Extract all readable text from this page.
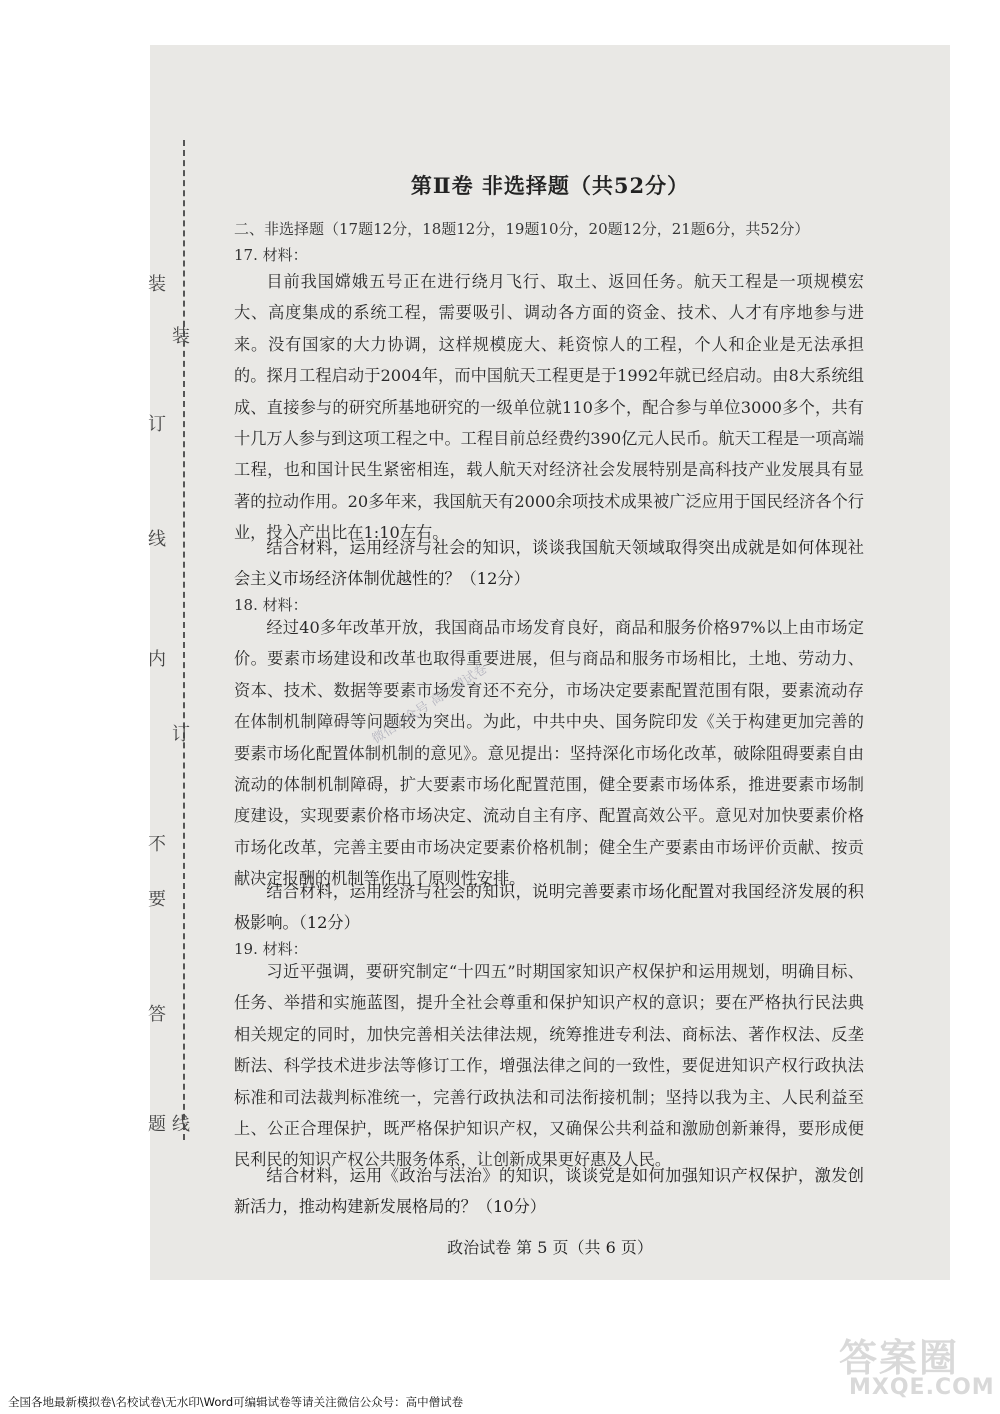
装
订
线
内
不
要
答
题
装
订
线
第Ⅱ卷 非选择题（共52分）
二、非选择题（17题12分，18题12分，19题10分，20题12分，21题6分，共52分）
17. 材料：
目前我国嫦娥五号正在进行绕月飞行、取土、返回任务。航天工程是一项规模宏大、高度集成的系统工程，需要吸引、调动各方面的资金、技术、人才有序地参与进来。没有国家的大力协调，这样规模庞大、耗资惊人的工程，个人和企业是无法承担的。探月工程启动于2004年，而中国航天工程更是于1992年就已经启动。由8大系统组成、直接参与的研究所基地研究的一级单位就110多个，配合参与单位3000多个，共有十几万人参与到这项工程之中。工程目前总经费约390亿元人民币。航天工程是一项高端工程，也和国计民生紧密相连，载人航天对经济社会发展特别是高科技产业发展具有显著的拉动作用。20多年来，我国航天有2000余项技术成果被广泛应用于国民经济各个行业，投入产出比在1:10左右。
结合材料，运用经济与社会的知识，谈谈我国航天领域取得突出成就是如何体现社会主义市场经济体制优越性的？（12分）
18. 材料：
经过40多年改革开放，我国商品市场发育良好，商品和服务价格97%以上由市场定价。要素市场建设和改革也取得重要进展，但与商品和服务市场相比，土地、劳动力、资本、技术、数据等要素市场发育还不充分，市场决定要素配置范围有限，要素流动存在体制机制障碍等问题较为突出。为此，中共中央、国务院印发《关于构建更加完善的要素市场化配置体制机制的意见》。意见提出：坚持深化市场化改革，破除阻碍要素自由流动的体制机制障碍，扩大要素市场化配置范围，健全要素市场体系，推进要素市场制度建设，实现要素价格市场决定、流动自主有序、配置高效公平。意见对加快要素价格市场化改革，完善主要由市场决定要素价格机制；健全生产要素由市场评价贡献、按贡献决定报酬的机制等作出了原则性安排。
结合材料，运用经济与社会的知识，说明完善要素市场化配置对我国经济发展的积极影响。（12分）
19. 材料：
习近平强调，要研究制定“十四五”时期国家知识产权保护和运用规划，明确目标、任务、举措和实施蓝图，提升全社会尊重和保护知识产权的意识；要在严格执行民法典相关规定的同时，加快完善相关法律法规，统筹推进专利法、商标法、著作权法、反垄断法、科学技术进步法等修订工作，增强法律之间的一致性，要促进知识产权行政执法标准和司法裁判标准统一，完善行政执法和司法衔接机制；坚持以我为主、人民利益至上、公正合理保护，既严格保护知识产权，又确保公共利益和激励创新兼得，要形成便民利民的知识产权公共服务体系，让创新成果更好惠及人民。
结合材料，运用《政治与法治》的知识，谈谈党是如何加强知识产权保护，激发创新活力，推动构建新发展格局的？（10分）
政治试卷 第 5 页（共 6 页）
微信公众号 高中僧试卷
答案圈
MXQE.COM
全国各地最新模拟卷\名校试卷\无水印\Word可编辑试卷等请关注微信公众号：高中僧试卷
